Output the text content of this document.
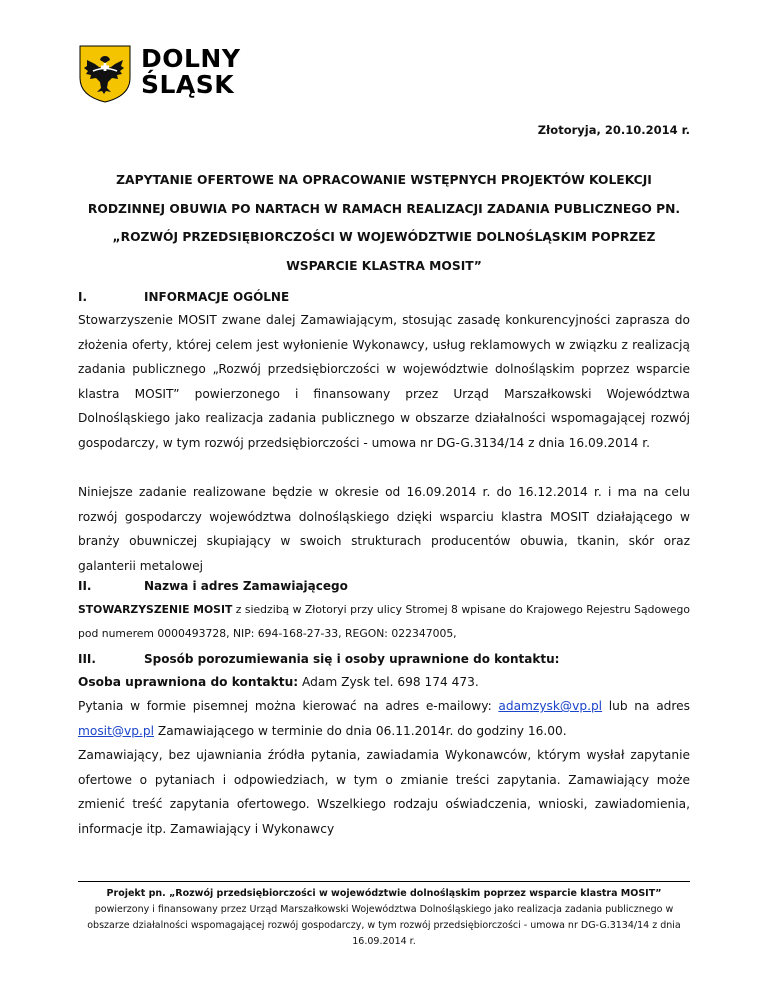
DOLNY
ŚLĄSK
Złotoryja, 20.10.2014 r.

ZAPYTANIE OFERTOWE NA OPRACOWANIE WSTĘPNYCH PROJEKTÓW KOLEKCJI RODZINNEJ OBUWIA PO NARTACH W RAMACH REALIZACJI ZADANIA PUBLICZNEGO PN. „ROZWÓJ PRZEDSIĘBIORCZOŚCI W WOJEWÓDZTWIE DOLNOŚLĄSKIM POPRZEZ WSPARCIE KLASTRA MOSIT”

I.	INFORMACJE OGÓLNE

Stowarzyszenie MOSIT zwane dalej Zamawiającym, stosując zasadę konkurencyjności zaprasza do złożenia oferty, której celem jest wyłonienie Wykonawcy, usług reklamowych w związku z realizacją zadania publicznego „Rozwój przedsiębiorczości w województwie dolnośląskim poprzez wsparcie klastra MOSIT” powierzonego i finansowany przez Urząd Marszałkowski Województwa Dolnośląskiego jako realizacja zadania publicznego w obszarze działalności wspomagającej rozwój gospodarczy, w tym rozwój przedsiębiorczości - umowa nr DG-G.3134/14 z dnia 16.09.2014 r.

Niniejsze zadanie realizowane będzie w okresie od 16.09.2014 r. do 16.12.2014 r. i ma na celu rozwój gospodarczy województwa dolnośląskiego dzięki wsparciu klastra MOSIT działającego w branży obuwniczej skupiający w swoich strukturach producentów obuwia, tkanin, skór oraz galanterii metalowej

II.	Nazwa i adres Zamawiającego

STOWARZYSZENIE MOSIT z siedzibą w Złotoryi przy ulicy Stromej 8 wpisane do Krajowego Rejestru Sądowego pod numerem 0000493728, NIP: 694-168-27-33, REGON: 022347005,

III.	Sposób porozumiewania się i osoby uprawnione do kontaktu:

Osoba uprawniona do kontaktu: Adam Zysk tel. 698 174 473.

Pytania w formie pisemnej można kierować na adres e-mailowy: adamzysk@vp.pl lub na adres mosit@vp.pl Zamawiającego w terminie do dnia 06.11.2014r. do godziny 16.00.

Zamawiający, bez ujawniania źródła pytania, zawiadamia Wykonawców, którym wysłał zapytanie ofertowe o pytaniach i odpowiedziach, w tym o zmianie treści zapytania. Zamawiający może zmienić treść zapytania ofertowego. Wszelkiego rodzaju oświadczenia, wnioski, zawiadomienia, informacje itp. Zamawiający i Wykonawcy

Projekt pn. „Rozwój przedsiębiorczości w województwie dolnośląskim poprzez wsparcie klastra MOSIT”
powierzony i finansowany przez Urząd Marszałkowski Województwa Dolnośląskiego jako realizacja zadania publicznego w obszarze działalności wspomagającej rozwój gospodarczy, w tym rozwój przedsiębiorczości - umowa nr DG-G.3134/14 z dnia 16.09.2014 r.
